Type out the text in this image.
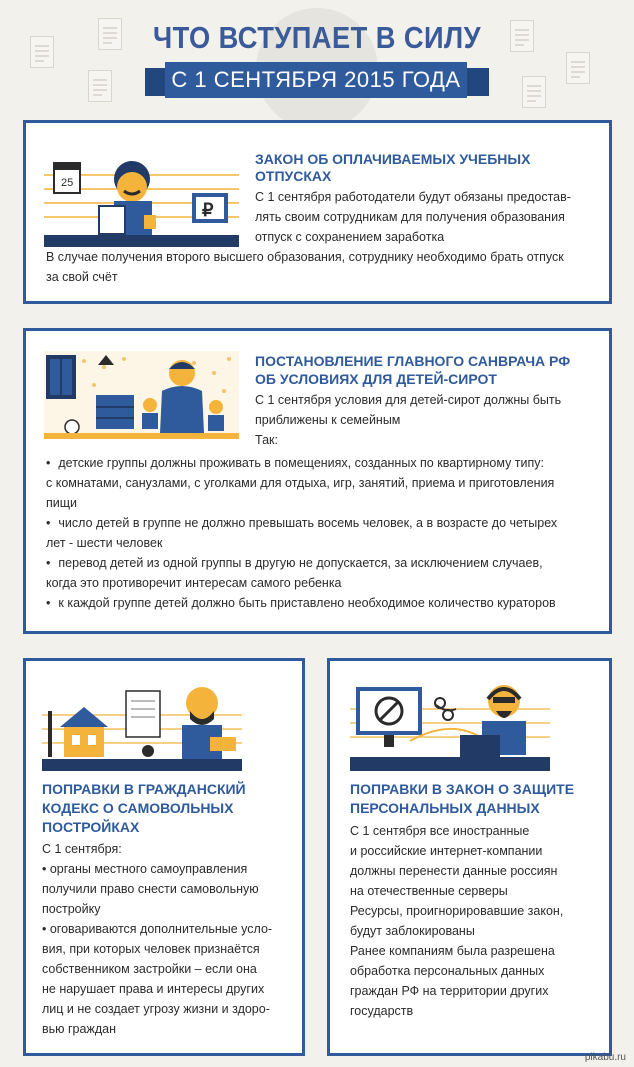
ЧТО ВСТУПАЕТ В СИЛУ
С 1 СЕНТЯБРЯ 2015 ГОДА
25
₽
ЗАКОН ОБ ОПЛАЧИВАЕМЫХ УЧЕБНЫХ
ОТПУСКАХ
С 1 сентября работодатели будут обязаны предостав-
лять своим сотрудникам для получения образования
отпуск с сохранением заработка
В случае получения второго высшего образования, сотруднику необходимо брать отпуск
за свой счёт
ПОСТАНОВЛЕНИЕ ГЛАВНОГО САНВРАЧА РФ
ОБ УСЛОВИЯХ ДЛЯ ДЕТЕЙ-СИРОТ
С 1 сентября условия для детей-сирот должны быть
приближены к семейным
Так:
• детские группы должны проживать в помещениях, созданных по квартирному типу:
с комнатами, санузлами, с уголками для отдыха, игр, занятий, приема и приготовления
пищи
• число детей в группе не должно превышать восемь человек, а в возрасте до четырех
лет - шести человек
• перевод детей из одной группы в другую не допускается, за исключением случаев,
когда это противоречит интересам самого ребенка
• к каждой группе детей должно быть приставлено необходимое количество кураторов
ПОПРАВКИ В ГРАЖДАНСКИЙ
КОДЕКС О САМОВОЛЬНЫХ
ПОСТРОЙКАХ
С 1 сентября:
• органы местного самоуправления
получили право снести самовольную
постройку
• оговариваются дополнительные усло-
вия, при которых человек признаётся
собственником застройки – если она
не нарушает права и интересы других
лиц и не создает угрозу жизни и здоро-
вью граждан
ПОПРАВКИ В ЗАКОН О ЗАЩИТЕ
ПЕРСОНАЛЬНЫХ ДАННЫХ
С 1 сентября все иностранные
и российские интернет-компании
должны перенести данные россиян
на отечественные серверы
Ресурсы, проигнорировавшие закон,
будут заблокированы
Ранее компаниям была разрешена
обработка персональных данных
граждан РФ на территории других
государств
pikabu.ru
